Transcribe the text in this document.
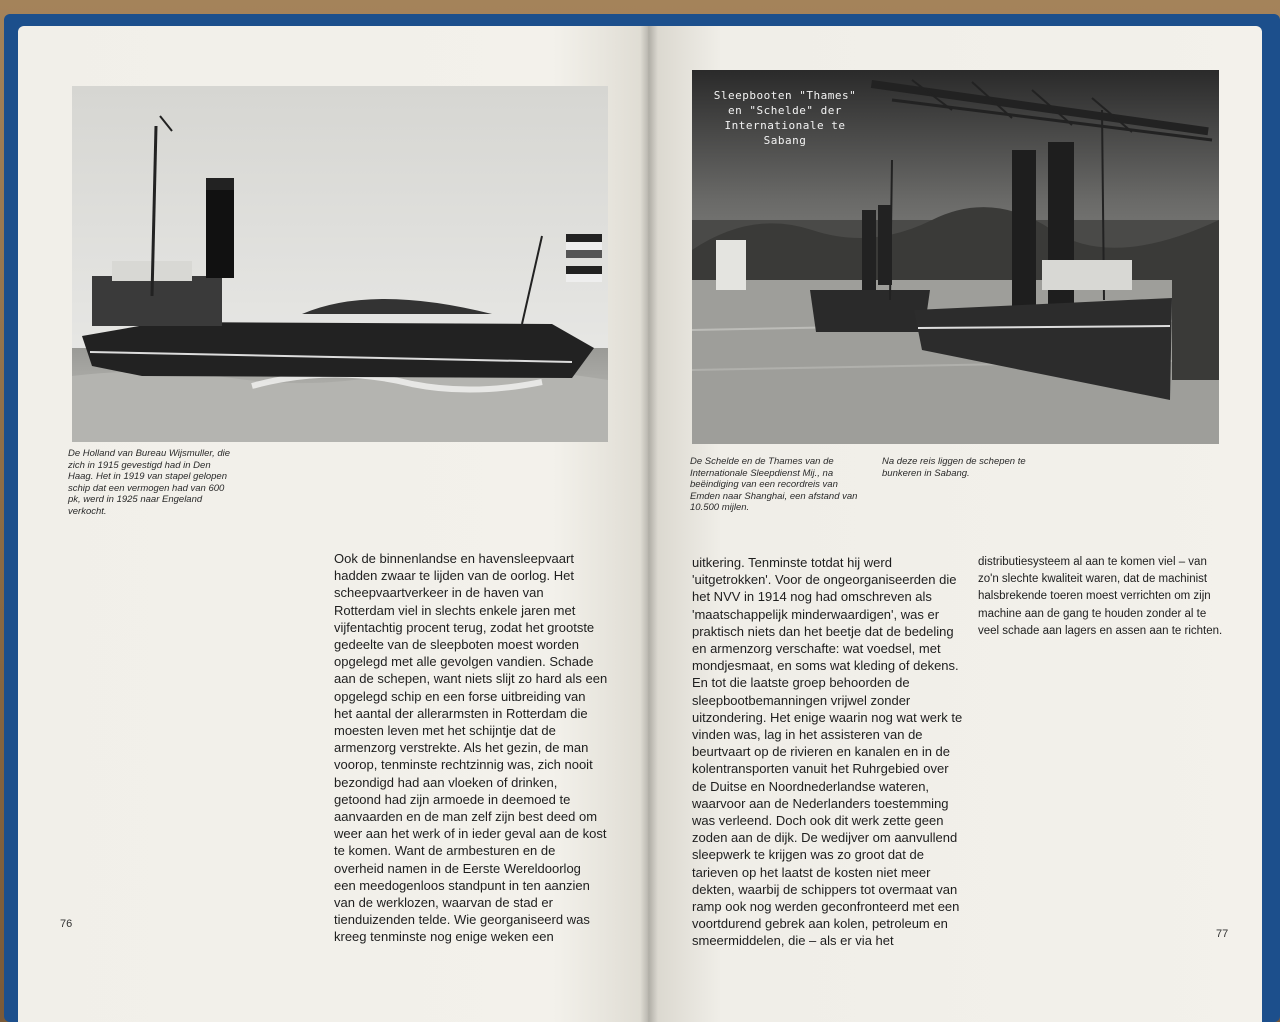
De Holland van Bureau Wijsmuller, die zich in 1915 gevestigd had in Den Haag. Het in 1919 van stapel gelopen schip dat een vermogen had van 600 pk, werd in 1925 naar Engeland verkocht.

Ook de binnenlandse en havensleepvaart
hadden zwaar te lijden van de oorlog. Het
scheepvaartverkeer in de haven van
Rotterdam viel in slechts enkele jaren met
vijfentachtig procent terug, zodat het grootste
gedeelte van de sleepboten moest worden
opgelegd met alle gevolgen vandien. Schade
aan de schepen, want niets slijt zo hard als een
opgelegd schip en een forse uitbreiding van
het aantal der allerarmsten in Rotterdam die
moesten leven met het schijntje dat de
armenzorg verstrekte. Als het gezin, de man
voorop, tenminste rechtzinnig was, zich nooit
bezondigd had aan vloeken of drinken,
getoond had zijn armoede in deemoed te
aanvaarden en de man zelf zijn best deed om
weer aan het werk of in ieder geval aan de kost
te komen. Want de armbesturen en de
overheid namen in de Eerste Wereldoorlog
een meedogenloos standpunt in ten aanzien
van de werklozen, waarvan de stad er
tienduizenden telde. Wie georganiseerd was
kreeg tenminste nog enige weken een

76
Sleepbooten "Thames"
en "Schelde" der
Internationale te Sabang

De Schelde en de Thames van de Internationale Sleepdienst Mij., na beëindiging van een recordreis van Emden naar Shanghai, een afstand van 10.500 mijlen.

Na deze reis liggen de schepen te bunkeren in Sabang.

uitkering. Tenminste totdat hij werd
'uitgetrokken'. Voor de ongeorganiseerden die
het NVV in 1914 nog had omschreven als
'maatschappelijk minderwaardigen', was er
praktisch niets dan het beetje dat de bedeling
en armenzorg verschafte: wat voedsel, met
mondjesmaat, en soms wat kleding of dekens.
En tot die laatste groep behoorden de
sleepbootbemanningen vrijwel zonder
uitzondering. Het enige waarin nog wat werk te
vinden was, lag in het assisteren van de
beurtvaart op de rivieren en kanalen en in de
kolentransporten vanuit het Ruhrgebied over
de Duitse en Noordnederlandse wateren,
waarvoor aan de Nederlanders toestemming
was verleend. Doch ook dit werk zette geen
zoden aan de dijk. De wedijver om aanvullend
sleepwerk te krijgen was zo groot dat de
tarieven op het laatst de kosten niet meer
dekten, waarbij de schippers tot overmaat van
ramp ook nog werden geconfronteerd met een
voortdurend gebrek aan kolen, petroleum en
smeermiddelen, die – als er via het

distributiesysteem al aan te komen viel – van
zo'n slechte kwaliteit waren, dat de machinist
halsbrekende toeren moest verrichten om zijn
machine aan de gang te houden zonder al te
veel schade aan lagers en assen aan te richten.

77
